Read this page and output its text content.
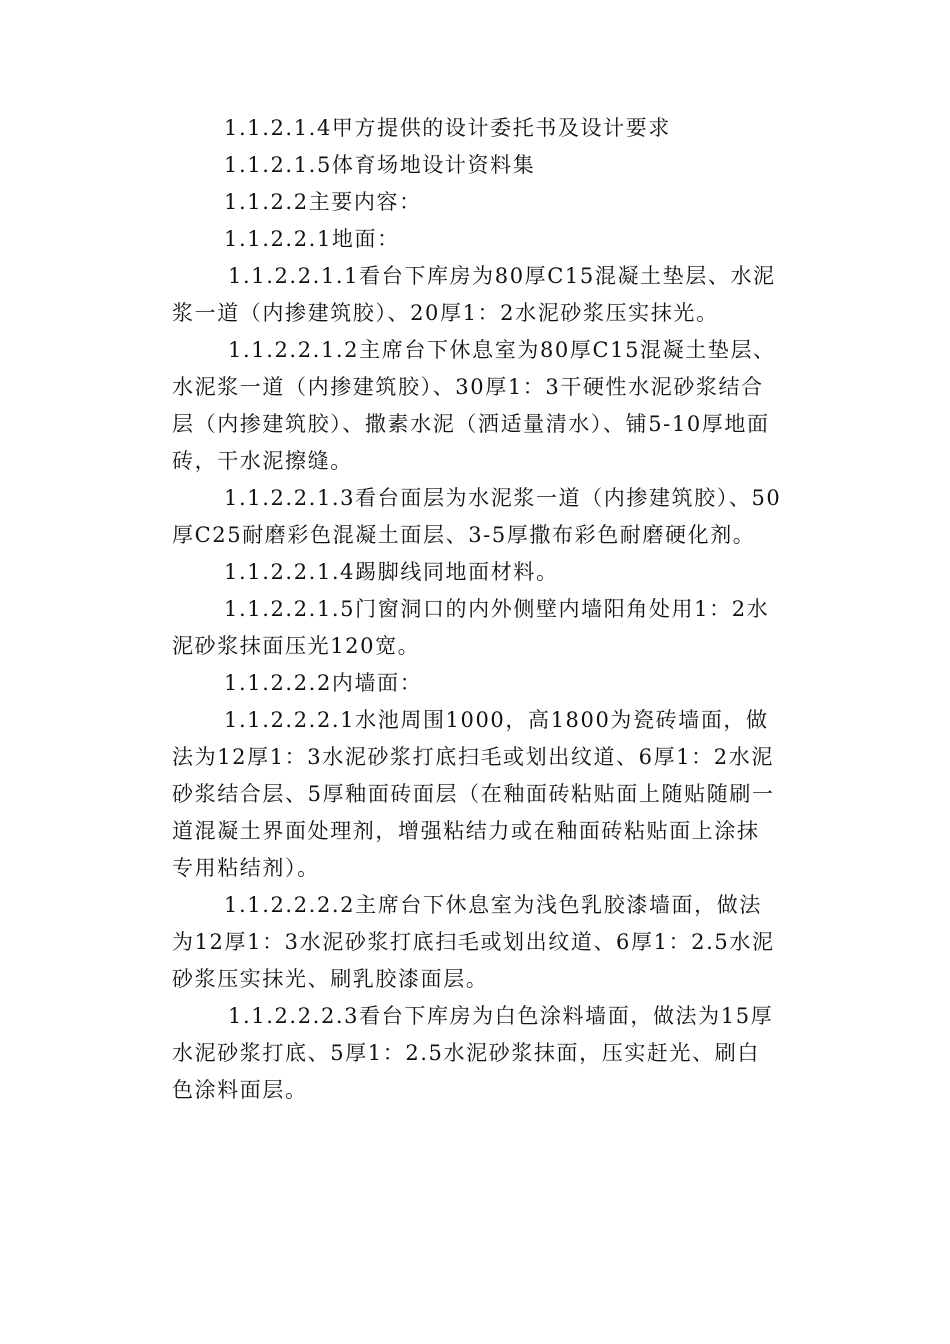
1.1.2.1.4甲方提供的设计委托书及设计要求

1.1.2.1.5体育场地设计资料集

1.1.2.2主要内容：

1.1.2.2.1地面：

1.1.2.2.1.1看台下库房为80厚C15混凝土垫层、水泥浆一道（内掺建筑胶）、20厚1：2水泥砂浆压实抹光。

1.1.2.2.1.2主席台下休息室为80厚C15混凝土垫层、水泥浆一道（内掺建筑胶）、30厚1：3干硬性水泥砂浆结合层（内掺建筑胶）、撒素水泥（洒适量清水）、铺5-10厚地面砖，干水泥擦缝。

1.1.2.2.1.3看台面层为水泥浆一道（内掺建筑胶）、50厚C25耐磨彩色混凝土面层、3-5厚撒布彩色耐磨硬化剂。

1.1.2.2.1.4踢脚线同地面材料。

1.1.2.2.1.5门窗洞口的内外侧壁内墙阳角处用1：2水泥砂浆抹面压光120宽。

1.1.2.2.2内墙面：

1.1.2.2.2.1水池周围1000，高1800为瓷砖墙面，做法为12厚1：3水泥砂浆打底扫毛或划出纹道、6厚1：2水泥砂浆结合层、5厚釉面砖面层（在釉面砖粘贴面上随贴随刷一道混凝土界面处理剂，增强粘结力或在釉面砖粘贴面上涂抹专用粘结剂）。

1.1.2.2.2.2主席台下休息室为浅色乳胶漆墙面，做法为12厚1：3水泥砂浆打底扫毛或划出纹道、6厚1：2.5水泥砂浆压实抹光、刷乳胶漆面层。

1.1.2.2.2.3看台下库房为白色涂料墙面，做法为15厚水泥砂浆打底、5厚1：2.5水泥砂浆抹面，压实赶光、刷白色涂料面层。
